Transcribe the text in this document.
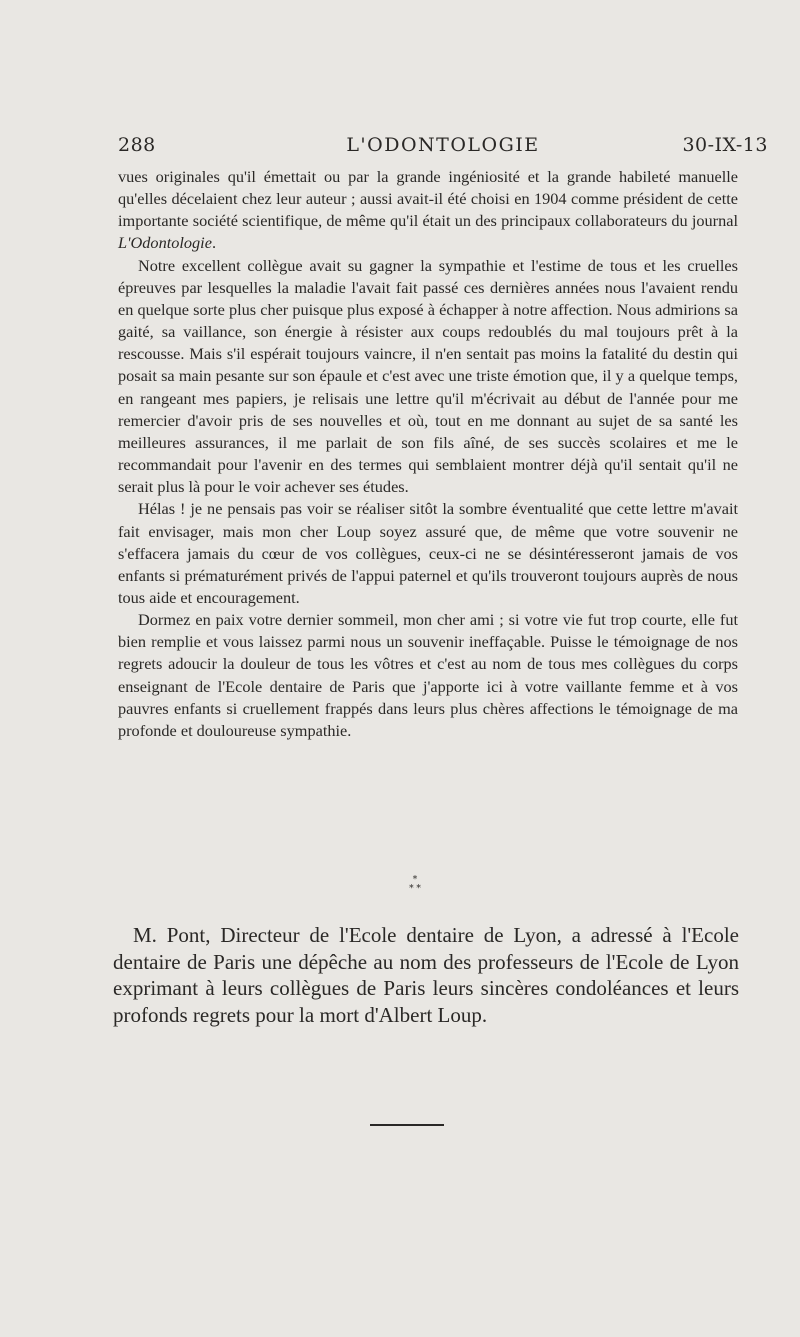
288	L'ODONTOLOGIE	30-IX-13

vues originales qu'il émettait ou par la grande ingéniosité et la grande habileté manuelle qu'elles décelaient chez leur auteur ; aussi avait-il été choisi en 1904 comme président de cette importante société scientifique, de même qu'il était un des principaux collaborateurs du journal L'Odontologie.

Notre excellent collègue avait su gagner la sympathie et l'estime de tous et les cruelles épreuves par lesquelles la maladie l'avait fait passé ces dernières années nous l'avaient rendu en quelque sorte plus cher puisque plus exposé à échapper à notre affection. Nous admirions sa gaité, sa vaillance, son énergie à résister aux coups redoublés du mal toujours prêt à la rescousse. Mais s'il espérait toujours vaincre, il n'en sentait pas moins la fatalité du destin qui posait sa main pesante sur son épaule et c'est avec une triste émotion que, il y a quelque temps, en rangeant mes papiers, je relisais une lettre qu'il m'écrivait au début de l'année pour me remercier d'avoir pris de ses nouvelles et où, tout en me donnant au sujet de sa santé les meilleures assurances, il me parlait de son fils aîné, de ses succès scolaires et me le recommandait pour l'avenir en des termes qui semblaient montrer déjà qu'il sentait qu'il ne serait plus là pour le voir achever ses études.

Hélas ! je ne pensais pas voir se réaliser sitôt la sombre éventualité que cette lettre m'avait fait envisager, mais mon cher Loup soyez assuré que, de même que votre souvenir ne s'effacera jamais du cœur de vos collègues, ceux-ci ne se désintéresseront jamais de vos enfants si prématurément privés de l'appui paternel et qu'ils trouveront toujours auprès de nous tous aide et encouragement.

Dormez en paix votre dernier sommeil, mon cher ami ; si votre vie fut trop courte, elle fut bien remplie et vous laissez parmi nous un souvenir ineffaçable. Puisse le témoignage de nos regrets adoucir la douleur de tous les vôtres et c'est au nom de tous mes collègues du corps enseignant de l'Ecole dentaire de Paris que j'apporte ici à votre vaillante femme et à vos pauvres enfants si cruellement frappés dans leurs plus chères affections le témoignage de ma profonde et douloureuse sympathie.

*
* *

M. Pont, Directeur de l'Ecole dentaire de Lyon, a adressé à l'Ecole dentaire de Paris une dépêche au nom des professeurs de l'Ecole de Lyon exprimant à leurs collègues de Paris leurs sincères condoléances et leurs profonds regrets pour la mort d'Albert Loup.
